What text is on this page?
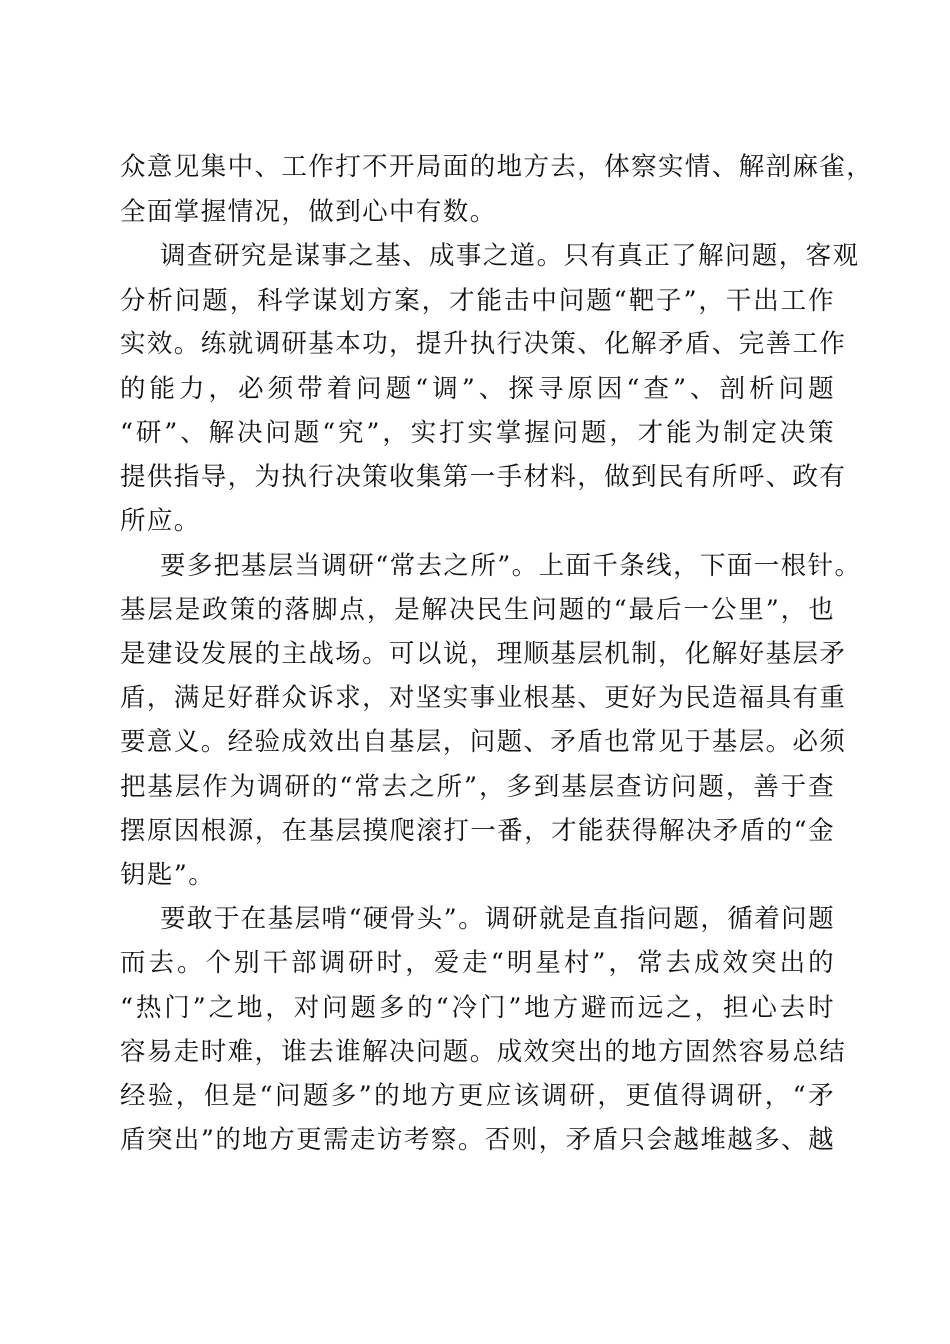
众意见集中、工作打不开局面的地方去，体察实情、解剖麻雀，
全面掌握情况，做到心中有数。
调查研究是谋事之基、成事之道。只有真正了解问题，客观
分析问题，科学谋划方案，才能击中问题“靶子”，干出工作
实效。练就调研基本功，提升执行决策、化解矛盾、完善工作
的能力，必须带着问题“调”、探寻原因“查”、剖析问题
“研”、解决问题“究”，实打实掌握问题，才能为制定决策
提供指导，为执行决策收集第一手材料，做到民有所呼、政有
所应。
要多把基层当调研“常去之所”。上面千条线，下面一根针。
基层是政策的落脚点，是解决民生问题的“最后一公里”，也
是建设发展的主战场。可以说，理顺基层机制，化解好基层矛
盾，满足好群众诉求，对坚实事业根基、更好为民造福具有重
要意义。经验成效出自基层，问题、矛盾也常见于基层。必须
把基层作为调研的“常去之所”，多到基层查访问题，善于查
摆原因根源，在基层摸爬滚打一番，才能获得解决矛盾的“金
钥匙”。
要敢于在基层啃“硬骨头”。调研就是直指问题，循着问题
而去。个别干部调研时，爱走“明星村”，常去成效突出的
“热门”之地，对问题多的“冷门”地方避而远之，担心去时
容易走时难，谁去谁解决问题。成效突出的地方固然容易总结
经验，但是“问题多”的地方更应该调研，更值得调研，“矛
盾突出”的地方更需走访考察。否则，矛盾只会越堆越多、越
